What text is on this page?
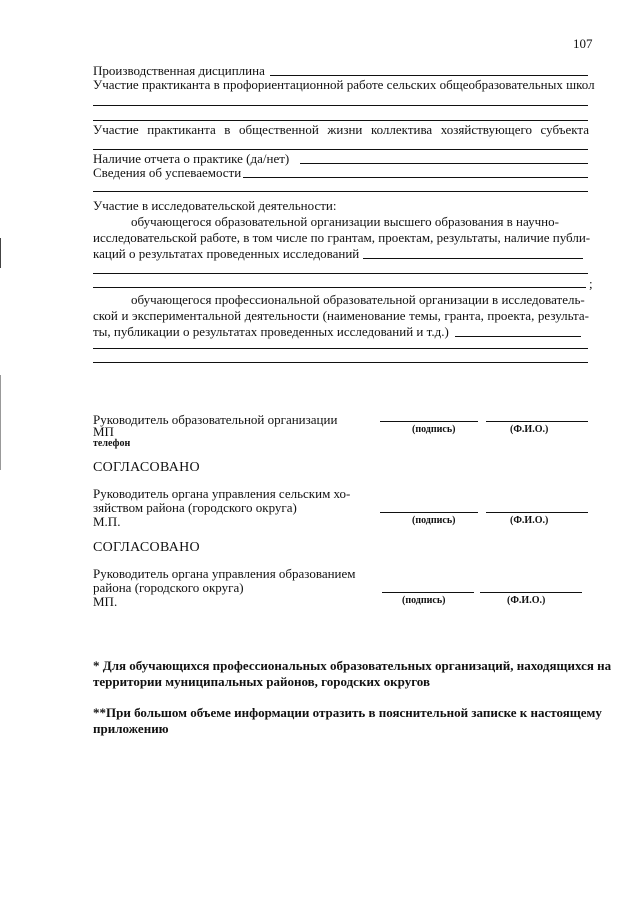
107
Производственная дисциплина
Участие практиканта в профориентационной работе сельских общеобразовательных школ
Участие практиканта в общественной жизни коллектива хозяйствующего субъекта
Наличие отчета о практике (да/нет)
Сведения об успеваемости
Участие в исследовательской деятельности:
обучающегося образовательной организации высшего образования в научно-
исследовательской работе, в том числе по грантам, проектам, результаты, наличие публи-
каций о результатах проведенных исследований
;
обучающегося профессиональной образовательной организации в исследователь-
ской и экспериментальной деятельности (наименование темы, гранта, проекта, результа-
ты, публикации о результатах проведенных исследований и т.д.)
Руководитель образовательной организации
МП
телефон
(подпись)	(Ф.И.О.)
СОГЛАСОВАНО
Руководитель органа управления сельским хо-
зяйством района (городского округа)
М.П.	(подпись)	(Ф.И.О.)
СОГЛАСОВАНО
Руководитель органа управления образованием
района (городского округа)
МП.	(подпись)	(Ф.И.О.)
* Для обучающихся профессиональных образовательных организаций, находящихся на
территории муниципальных районов, городских округов
**При большом объеме информации отразить в пояснительной записке к настоящему
приложению
